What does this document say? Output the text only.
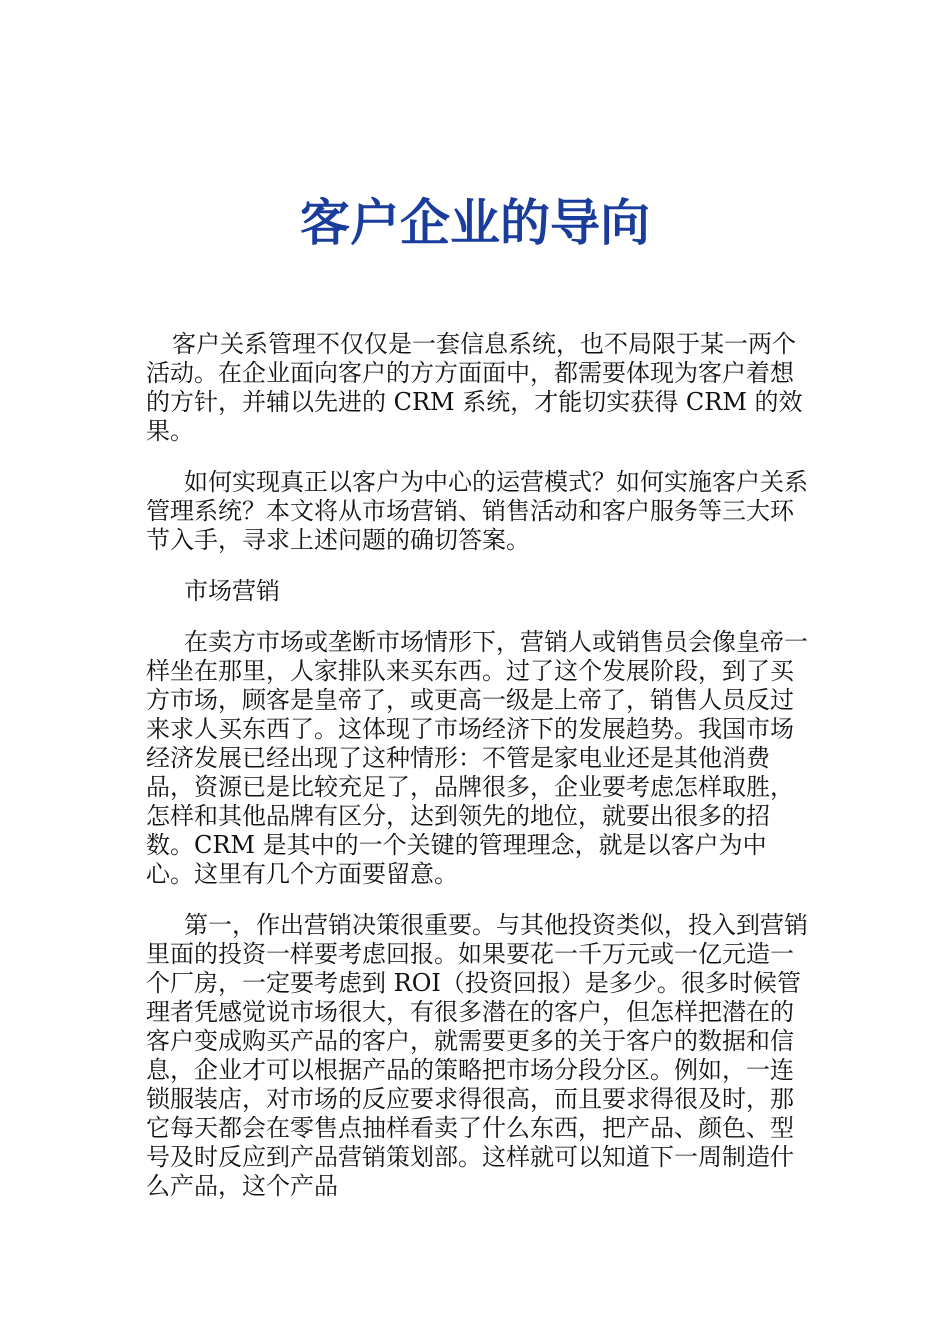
客户企业的导向

客户关系管理不仅仅是一套信息系统，也不局限于某一两个活动。在企业面向客户的方方面面中，都需要体现为客户着想的方针，并辅以先进的 CRM 系统，才能切实获得 CRM 的效果。

如何实现真正以客户为中心的运营模式？如何实施客户关系管理系统？本文将从市场营销、销售活动和客户服务等三大环节入手，寻求上述问题的确切答案。

市场营销

在卖方市场或垄断市场情形下，营销人或销售员会像皇帝一样坐在那里，人家排队来买东西。过了这个发展阶段，到了买方市场，顾客是皇帝了，或更高一级是上帝了，销售人员反过来求人买东西了。这体现了市场经济下的发展趋势。我国市场经济发展已经出现了这种情形：不管是家电业还是其他消费品，资源已是比较充足了，品牌很多，企业要考虑怎样取胜，怎样和其他品牌有区分，达到领先的地位，就要出很多的招数。CRM 是其中的一个关键的管理理念，就是以客户为中心。这里有几个方面要留意。

第一，作出营销决策很重要。与其他投资类似，投入到营销里面的投资一样要考虑回报。如果要花一千万元或一亿元造一个厂房，一定要考虑到 ROI（投资回报）是多少。很多时候管理者凭感觉说市场很大，有很多潜在的客户，但怎样把潜在的客户变成购买产品的客户，就需要更多的关于客户的数据和信息，企业才可以根据产品的策略把市场分段分区。例如，一连锁服装店，对市场的反应要求得很高，而且要求得很及时，那它每天都会在零售点抽样看卖了什么东西，把产品、颜色、型号及时反应到产品营销策划部。这样就可以知道下一周制造什么产品，这个产品
